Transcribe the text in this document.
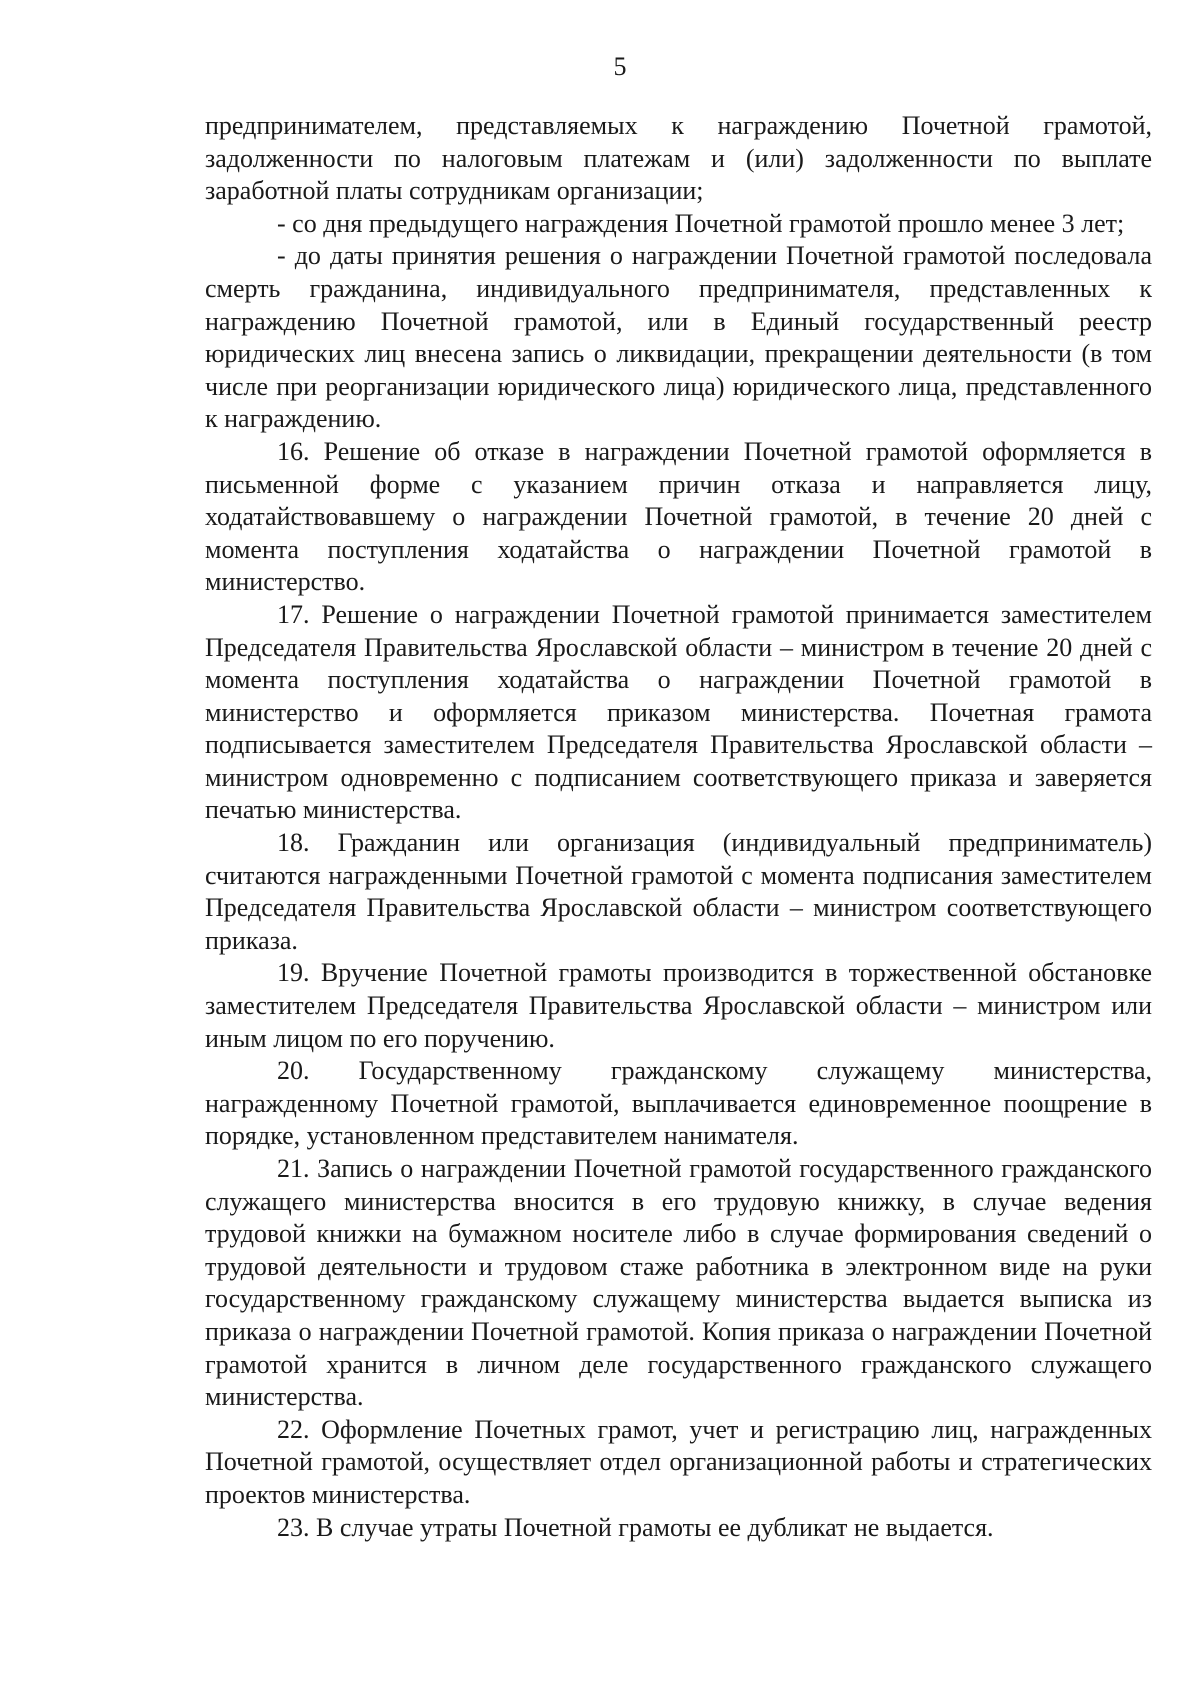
5

предпринимателем, представляемых к награждению Почетной грамотой, задолженности по налоговым платежам и (или) задолженности по выплате заработной платы сотрудникам организации;

- со дня предыдущего награждения Почетной грамотой прошло менее 3 лет;

- до даты принятия решения о награждении Почетной грамотой последовала смерть гражданина, индивидуального предпринимателя, представленных к награждению Почетной грамотой, или в Единый государственный реестр юридических лиц внесена запись о ликвидации, прекращении деятельности (в том числе при реорганизации юридического лица) юридического лица, представленного к награждению.

16. Решение об отказе в награждении Почетной грамотой оформляется в письменной форме с указанием причин отказа и направляется лицу, ходатайствовавшему о награждении Почетной грамотой, в течение 20 дней с момента поступления ходатайства о награждении Почетной грамотой в министерство.

17. Решение о награждении Почетной грамотой принимается заместителем Председателя Правительства Ярославской области – министром в течение 20 дней с момента поступления ходатайства о награждении Почетной грамотой в министерство и оформляется приказом министерства. Почетная грамота подписывается заместителем Председателя Правительства Ярославской области – министром одновременно с подписанием соответствующего приказа и заверяется печатью министерства.

18. Гражданин или организация (индивидуальный предприниматель) считаются награжденными Почетной грамотой с момента подписания заместителем Председателя Правительства Ярославской области – министром соответствующего приказа.

19. Вручение Почетной грамоты производится в торжественной обстановке заместителем Председателя Правительства Ярославской области – министром или иным лицом по его поручению.

20. Государственному гражданскому служащему министерства, награжденному Почетной грамотой, выплачивается единовременное поощрение в порядке, установленном представителем нанимателя.

21. Запись о награждении Почетной грамотой государственного гражданского служащего министерства вносится в его трудовую книжку, в случае ведения трудовой книжки на бумажном носителе либо в случае формирования сведений о трудовой деятельности и трудовом стаже работника в электронном виде на руки государственному гражданскому служащему министерства выдается выписка из приказа о награждении Почетной грамотой. Копия приказа о награждении Почетной грамотой хранится в личном деле государственного гражданского служащего министерства.

22. Оформление Почетных грамот, учет и регистрацию лиц, награжденных Почетной грамотой, осуществляет отдел организационной работы и стратегических проектов министерства.

23. В случае утраты Почетной грамоты ее дубликат не выдается.
